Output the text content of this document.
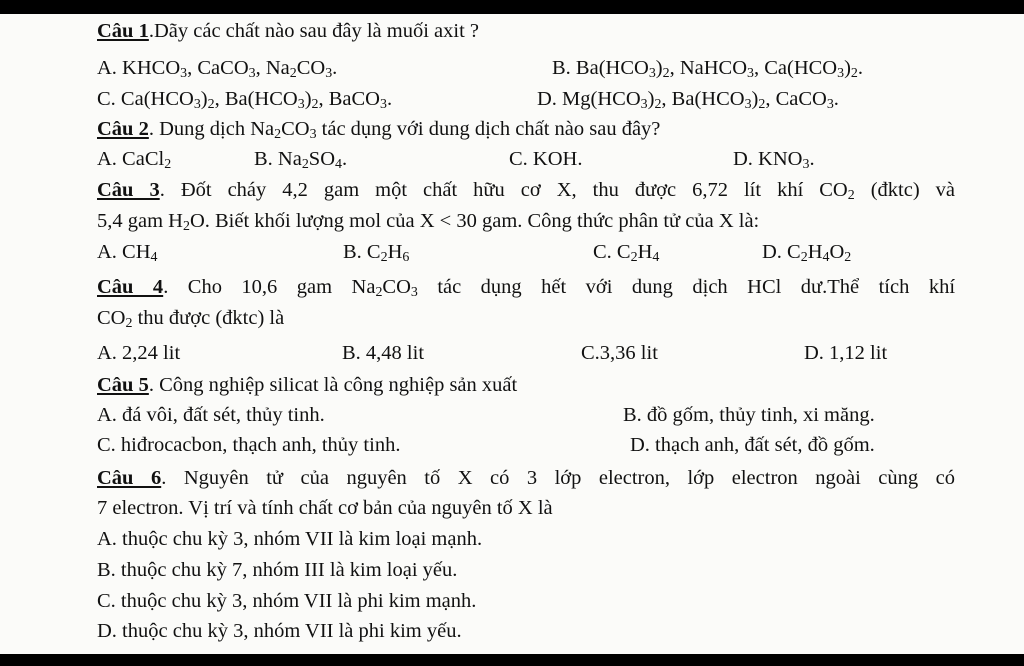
Câu 1.Dãy các chất nào sau đây là muối axit ?
A. $KHCO_3$, CaCO$_3$, $Na_2CO_3$.	B. $Ba(HCO_3)_2$, NaHCO$_3$, $Ca(HCO_3)_2$.
C. $Ca(HCO_3)_2$, $Ba(HCO_3)_2$, BaCO$_3$.	D. $Mg(HCO_3)_2$, $Ba(HCO_3)_2$, CaCO$_3$.
Câu 2. Dung dịch $Na_2CO_3$ tác dụng với dung dịch chất nào sau đây?
A. CaCl$_2$	B. $Na_2SO_4$.	C. KOH.	D. $KNO_3$.
Câu 3. Đốt cháy 4,2 gam một chất hữu cơ X, thu được 6,72 lít khí $CO_2$ (đktc) và
5,4 gam $H_2O$. Biết khối lượng mol của X < 30 gam. Công thức phân tử của X là:
A. $CH_4$	B. $C_2H_6$	C. $C_2H_4$	D. $C_2H_4O_2$
Câu 4. Cho 10,6 gam $Na_2CO_3$ tác dụng hết với dung dịch HCl dư.Thể tích khí
$CO_2$ thu được (đktc) là
A. 2,24 lit	B. 4,48 lit	C.3,36 lit	D. 1,12 lit
Câu 5. Công nghiệp silicat là công nghiệp sản xuất
A. đá vôi, đất sét, thủy tinh.	B. đồ gốm, thủy tinh, xi măng.
C. hiđrocacbon, thạch anh, thủy tinh.	D. thạch anh, đất sét, đồ gốm.
Câu 6. Nguyên tử của nguyên tố X có 3 lớp electron, lớp electron ngoài cùng có
7 electron. Vị trí và tính chất cơ bản của nguyên tố X là
A. thuộc chu kỳ 3, nhóm VII là kim loại mạnh.
B. thuộc chu kỳ 7, nhóm III là kim loại yếu.
C. thuộc chu kỳ 3, nhóm VII là phi kim mạnh.
D. thuộc chu kỳ 3, nhóm VII là phi kim yếu.
